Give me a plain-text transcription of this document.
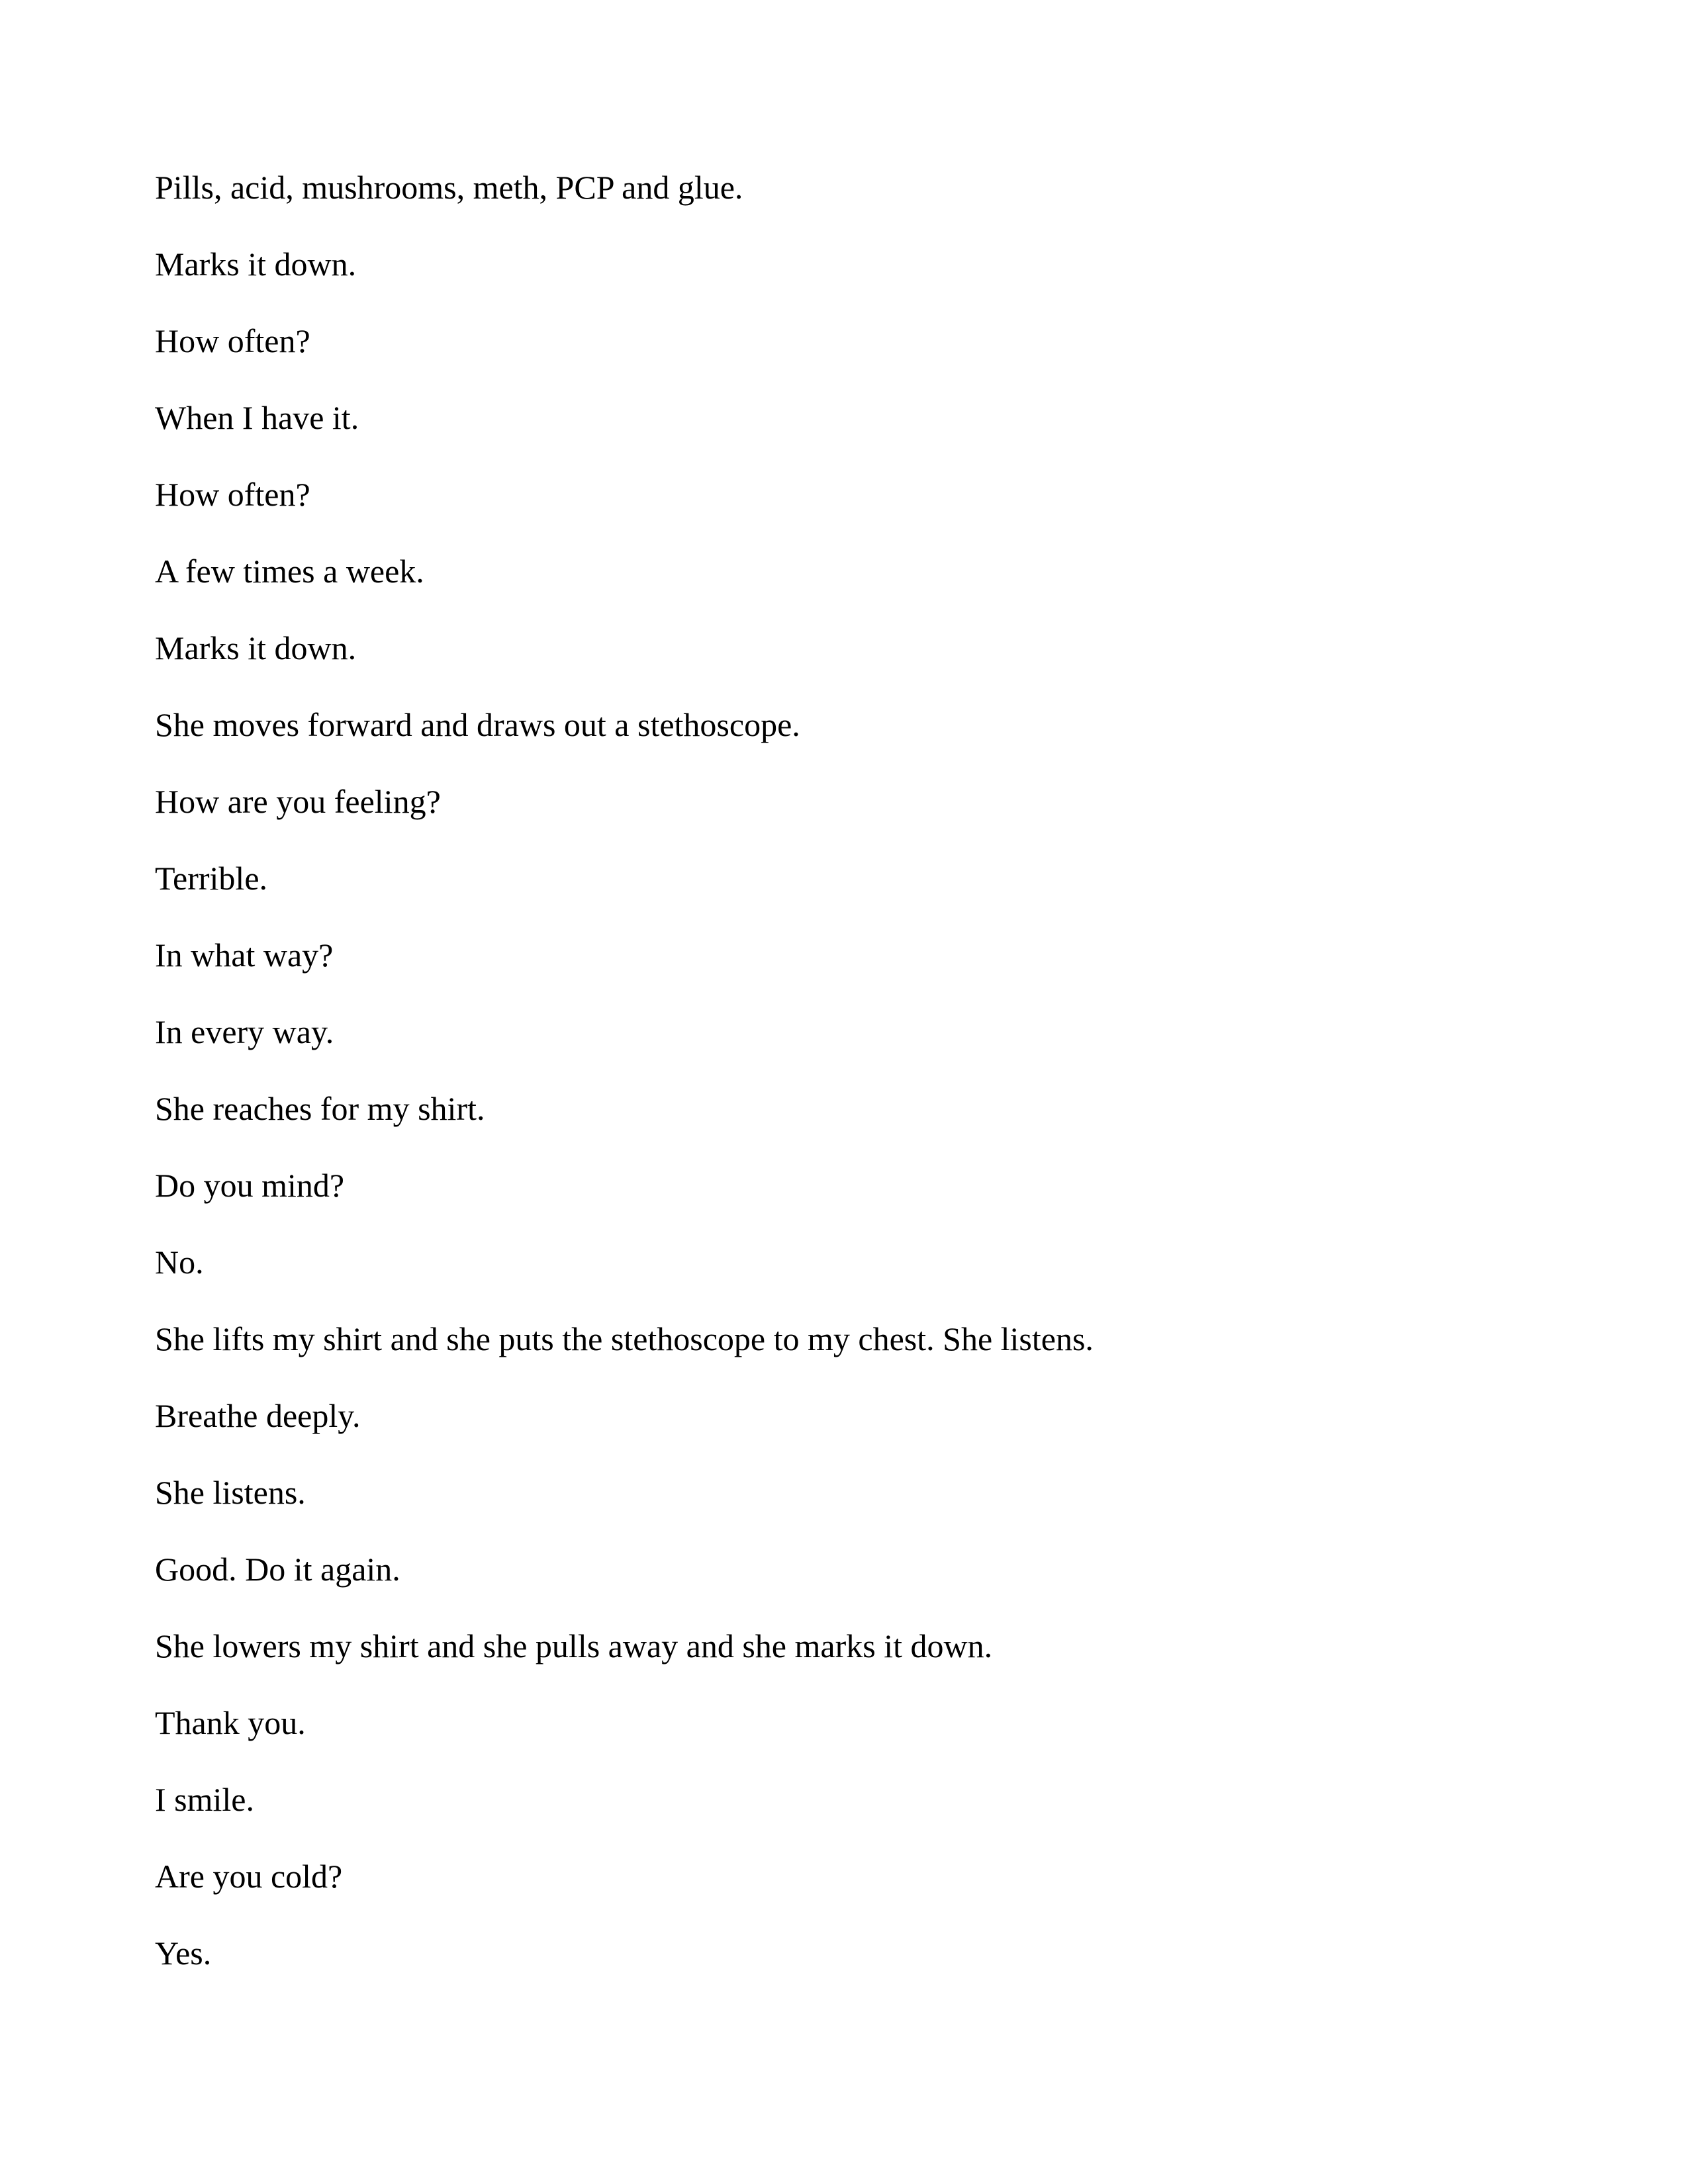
Pills, acid, mushrooms, meth, PCP and glue.

Marks it down.

How often?

When I have it.

How often?

A few times a week.

Marks it down.

She moves forward and draws out a stethoscope.

How are you feeling?

Terrible.

In what way?

In every way.

She reaches for my shirt.

Do you mind?

No.

She lifts my shirt and she puts the stethoscope to my chest. She listens.

Breathe deeply.

She listens.

Good. Do it again.

She lowers my shirt and she pulls away and she marks it down.

Thank you.

I smile.

Are you cold?

Yes.
